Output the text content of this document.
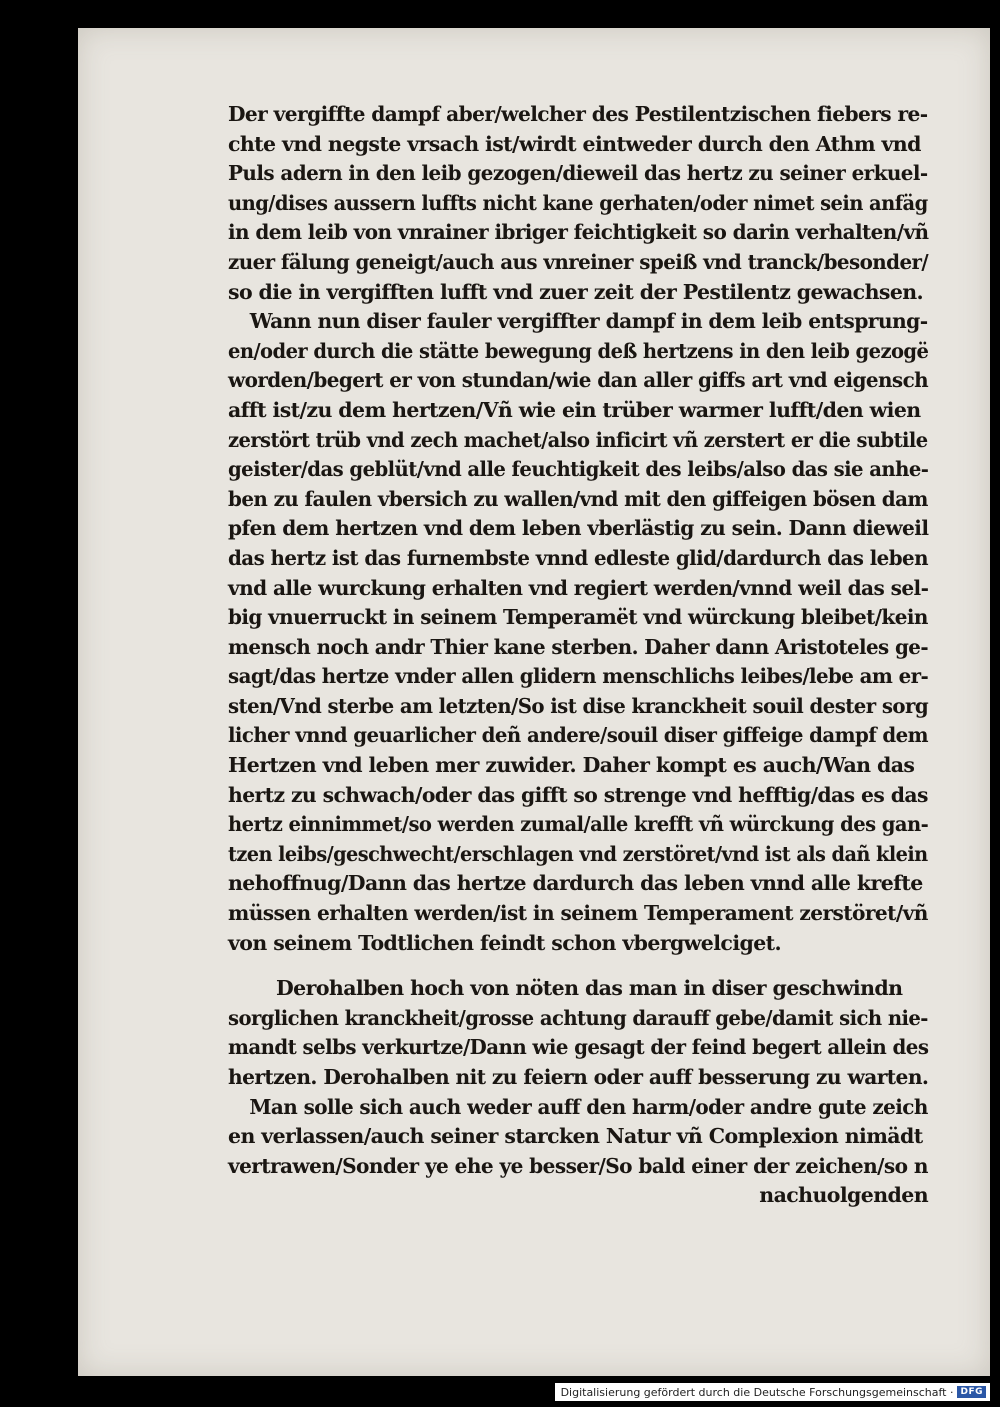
Der vergiffte dampf aber/welcher des Pestilentzischen fiebers re-
chte vnd negste vrsach ist/wirdt eintweder durch den Athm vnd
Puls adern in den leib gezogen/dieweil das hertz zu seiner erkuel-
ung/dises aussern luffts nicht kane gerhaten/oder nimet sein anfäg
in dem leib von vnrainer ibriger feichtigkeit so darin verhalten/vñ
zuer fälung geneigt/auch aus vnreiner speiß vnd tranck/besonder/
so die in vergifften lufft vnd zuer zeit der Pestilentz gewachsen.
Wann nun diser fauler vergiffter dampf in dem leib entsprung-
en/oder durch die stätte bewegung deß hertzens in den leib gezogë
worden/begert er von stundan/wie dan aller giffs art vnd eigensch
afft ist/zu dem hertzen/Vñ wie ein trüber warmer lufft/den wien
zerstört trüb vnd zech machet/also inficirt vñ zerstert er die subtile
geister/das geblüt/vnd alle feuchtigkeit des leibs/also das sie anhe-
ben zu faulen vbersich zu wallen/vnd mit den giffeigen bösen dam
pfen dem hertzen vnd dem leben vberlästig zu sein. Dann dieweil
das hertz ist das furnembste vnnd edleste glid/dardurch das leben
vnd alle wurckung erhalten vnd regiert werden/vnnd weil das sel-
big vnuerruckt in seinem Temperamët vnd würckung bleibet/kein
mensch noch andr Thier kane sterben. Daher dann Aristoteles ge-
sagt/das hertze vnder allen glidern menschlichs leibes/lebe am er-
sten/Vnd sterbe am letzten/So ist dise kranckheit souil dester sorg
licher vnnd geuarlicher deñ andere/souil diser giffeige dampf dem
Hertzen vnd leben mer zuwider. Daher kompt es auch/Wan das
hertz zu schwach/oder das gifft so strenge vnd hefftig/das es das
hertz einnimmet/so werden zumal/alle krefft vñ würckung des gan-
tzen leibs/geschwecht/erschlagen vnd zerstöret/vnd ist als dañ klein
nehoffnug/Dann das hertze dardurch das leben vnnd alle krefte
müssen erhalten werden/ist in seinem Temperament zerstöret/vñ
von seinem Todtlichen feindt schon vbergwelciget.
Derohalben hoch von nöten das man in diser geschwindn
sorglichen kranckheit/grosse achtung darauff gebe/damit sich nie-
mandt selbs verkurtze/Dann wie gesagt der feind begert allein des
hertzen. Derohalben nit zu feiern oder auff besserung zu warten.
Man solle sich auch weder auff den harm/oder andre gute zeich
en verlassen/auch seiner starcken Natur vñ Complexion nimädt
vertrawen/Sonder ye ehe ye besser/So bald einer der zeichen/so n
nachuolgenden
Digitalisierung gefördert durch die Deutsche Forschungsgemeinschaft · DFG
